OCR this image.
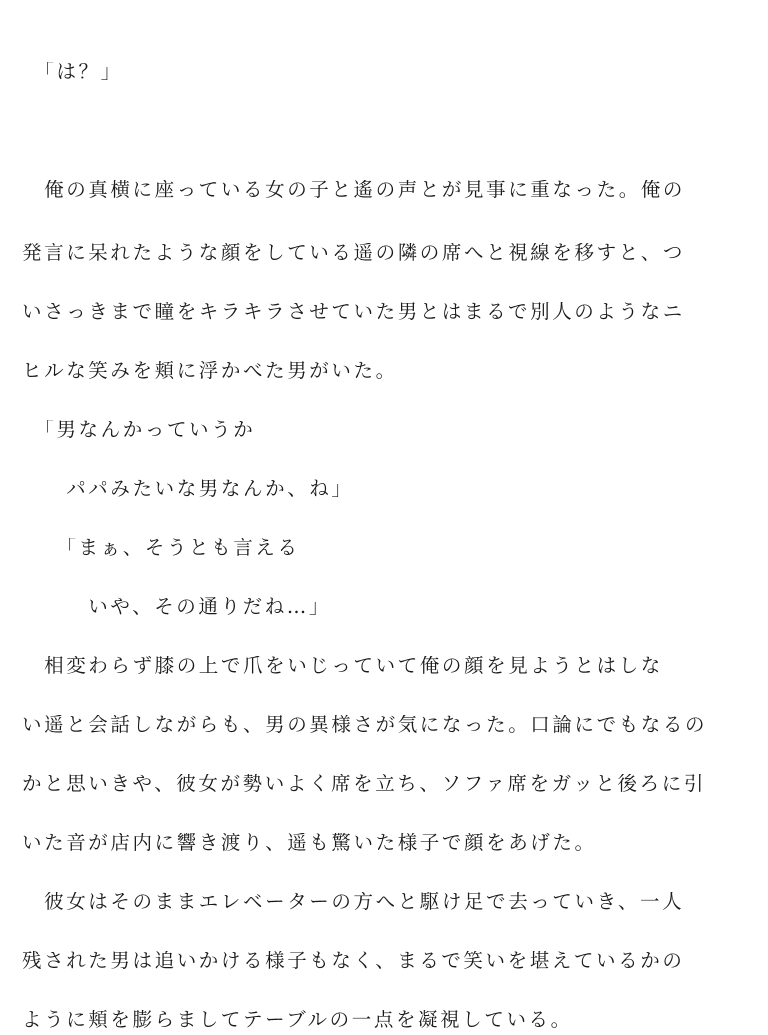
　「は？」
　俺の真横に座っている女の子と遙の声とが見事に重なった。俺の
発言に呆れたような顔をしている遥の隣の席へと視線を移すと、つ
いさっきまで瞳をキラキラさせていた男とはまるで別人のようなニ
ヒルな笑みを頬に浮かべた男がいた。
　「男なんかっていうか
　　パパみたいな男なんか、ね」
　　「まぁ、そうとも言える
　　　いや、その通りだね…」
　相変わらず膝の上で爪をいじっていて俺の顔を見ようとはしな
い遥と会話しながらも、男の異様さが気になった。口論にでもなるの
かと思いきや、彼女が勢いよく席を立ち、ソファ席をガッと後ろに引
いた音が店内に響き渡り、遥も驚いた様子で顔をあげた。
　彼女はそのままエレベーターの方へと駆け足で去っていき、一人
残された男は追いかける様子もなく、まるで笑いを堪えているかの
ように頬を膨らましてテーブルの一点を凝視している。
